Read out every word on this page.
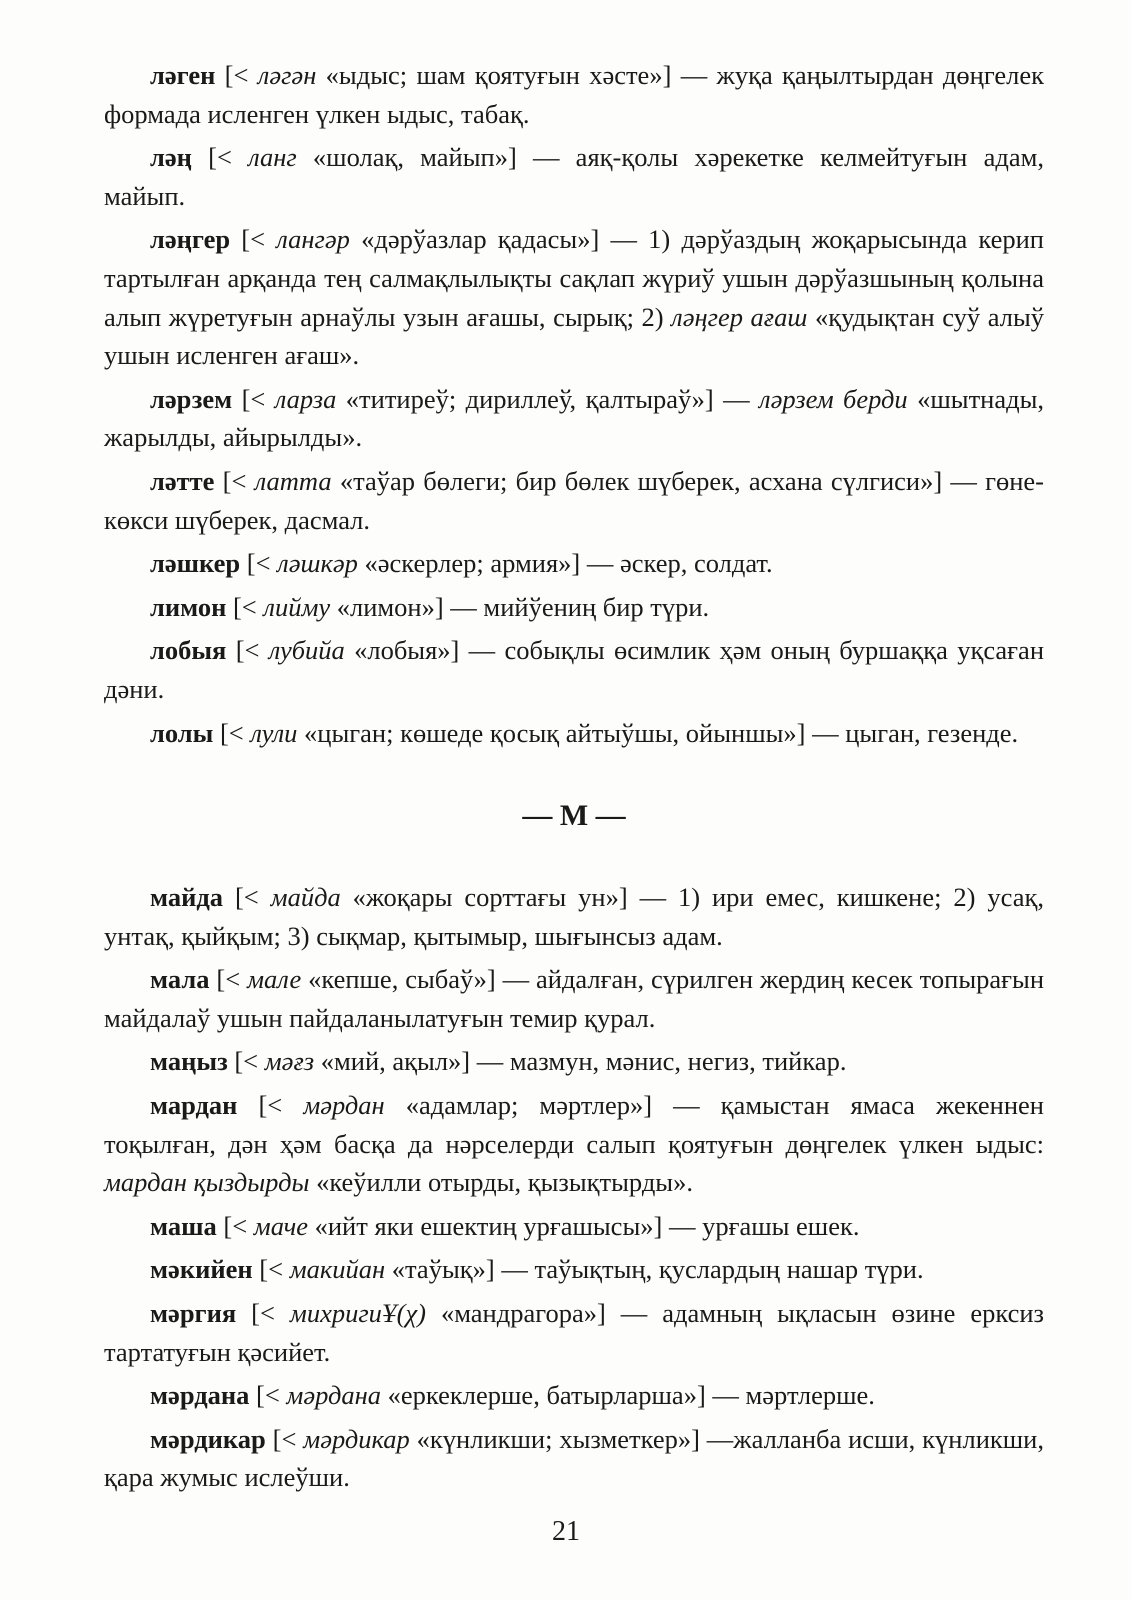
ләген [< ләгән «ыдыс; шам қоятуғын хәсте»] — жуқа қаңылтырдан дөңгелек формада исленген үлкен ыдыс, табақ.

ләң [< ланг «шолақ, майып»] — аяқ-қолы хәрекетке келмейтуғын адам, майып.

ләңгер [< лангәр «дәрўазлар қадасы»] — 1) дәрўаздың жоқарысында керип тартылған арқанда тең салмақлылықты сақлап жүриў ушын дәрўазшының қолына алып жүретуғын арнаўлы узын ағашы, сырық; 2) ләңгер ағаш «қудықтан суў алыў ушын исленген ағаш».

ләрзем [< ларза «титиреў; дириллеў, қалтыраў»] — ләрзем берди «шытнады, жарылды, айырылды».

ләтте [< латта «таўар бөлеги; бир бөлек шүберек, асхана сүлгиси»] — гөне-көкси шүберек, дасмал.

ләшкер [< ләшкәр «әскерлер; армия»] — әскер, солдат.

лимон [< лийму «лимон»] — мийўениң бир түри.

лобыя [< лубийа «лобыя»] — собықлы өсимлик ҳәм оның буршаққа уқсаған дәни.

лолы [< лули «цыган; көшеде қосық айтыўшы, ойыншы»] — цыган, гезенде.

— М —

майда [< майда «жоқары сорттағы ун»] — 1) ири емес, кишкене; 2) усақ, унтақ, қыйқым; 3) сықмар, қытымыр, шығынсыз адам.

мала [< мале «кепше, сыбаў»] — айдалған, сүрилген жердиң кесек топырағын майдалаў ушын пайдаланылатуғын темир қурал.

маңыз [< мәғз «мий, ақыл»] — мазмун, мәнис, негиз, тийкар.

мардан [< мәрдан «адамлар; мәртлер»] — қамыстан ямаса жекеннен тоқылған, дән ҳәм басқа да нәрселерди салып қоятуғын дөңгелек үлкен ыдыс: мардан қыздырды «кеўилли отырды, қызықтырды».

маша [< маче «ийт яки ешектиң урғашысы»] — урғашы ешек.

мәкийен [< макийан «таўық»] — таўықтың, қуслардың нашар түри.

мәргия [< михригиҰ(χ) «мандрагора»] — адамның ықласын өзине ерксиз тартатуғын қәсийет.

мәрдана [< мәрдана «еркеклерше, батырларша»] — мәртлерше.

мәрдикар [< мәрдикар «күнликши; хызметкер»] —жалланба исши, күнликши, қара жумыс ислеўши.

21
